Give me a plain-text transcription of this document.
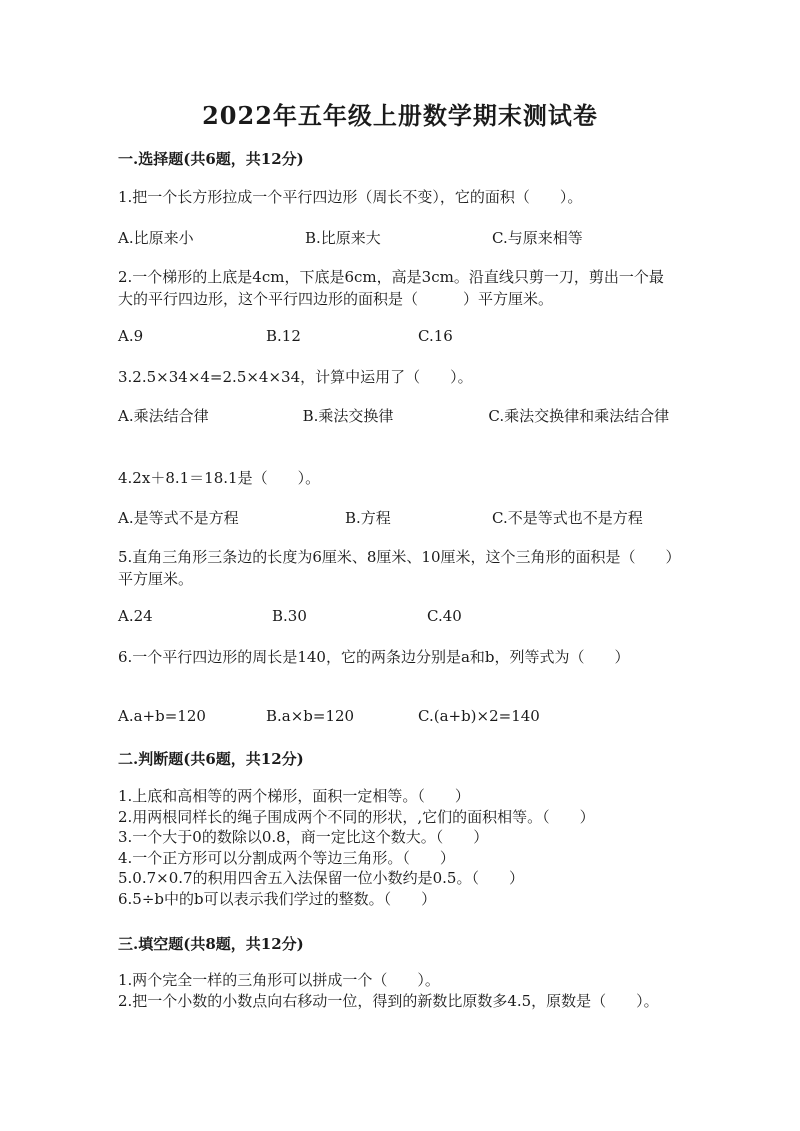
2022年五年级上册数学期末测试卷
一.选择题(共6题，共12分)
1.把一个长方形拉成一个平行四边形（周长不变），它的面积（　　）。
A.比原来小	B.比原来大	C.与原来相等
2.一个梯形的上底是4cm，下底是6cm，高是3cm。沿直线只剪一刀，剪出一个最大的平行四边形，这个平行四边形的面积是（　　　）平方厘米。
A.9	B.12	C.16
3.2.5×34×4=2.5×4×34，计算中运用了（　　）。
A.乘法结合律	B.乘法交换律	C.乘法交换律和乘法结合律
4.2x＋8.1＝18.1是（　　）。
A.是等式不是方程	B.方程	C.不是等式也不是方程
5.直角三角形三条边的长度为6厘米、8厘米、10厘米，这个三角形的面积是（　　）平方厘米。
A.24	B.30	C.40
6.一个平行四边形的周长是140，它的两条边分别是a和b，列等式为（　　）
A.a+b=120	B.a×b=120	C.(a+b)×2=140
二.判断题(共6题，共12分)
1.上底和高相等的两个梯形，面积一定相等。（　　）
2.用两根同样长的绳子围成两个不同的形状，,它们的面积相等。（　　）
3.一个大于0的数除以0.8，商一定比这个数大。（　　）
4.一个正方形可以分割成两个等边三角形。（　　）
5.0.7×0.7的积用四舍五入法保留一位小数约是0.5。（　　）
6.5÷b中的b可以表示我们学过的整数。（　　）
三.填空题(共8题，共12分)
1.两个完全一样的三角形可以拼成一个（　　）。
2.把一个小数的小数点向右移动一位，得到的新数比原数多4.5，原数是（　　）。
